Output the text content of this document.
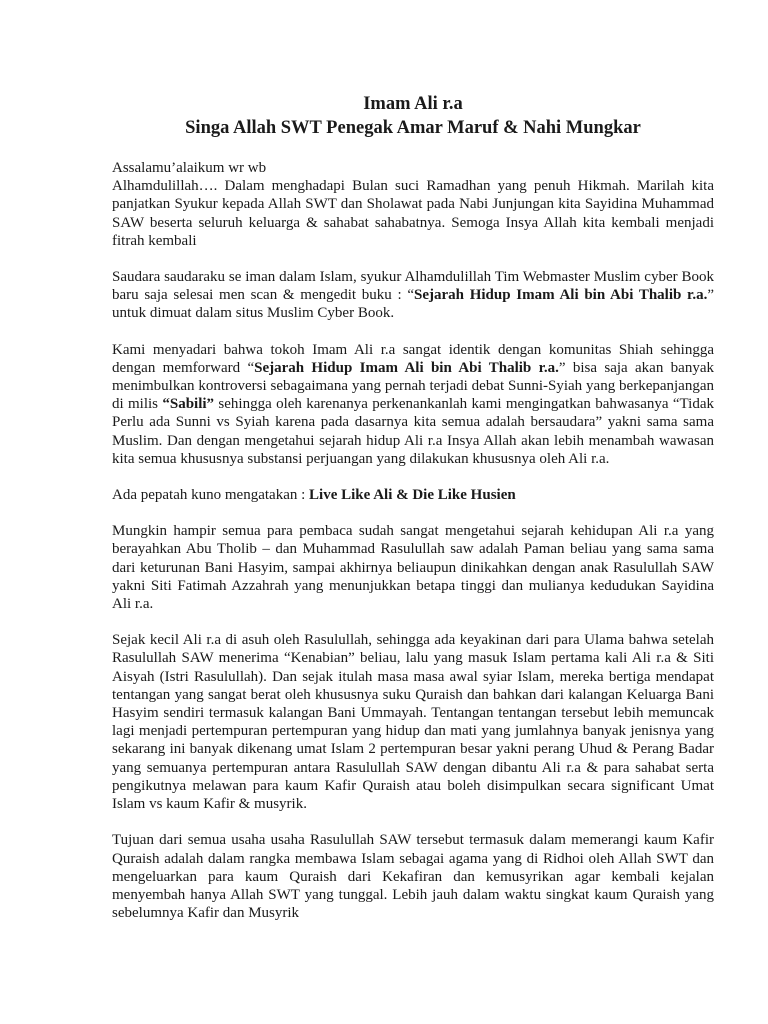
Imam Ali r.a
Singa Allah SWT Penegak Amar Maruf & Nahi Mungkar

Assalamu’alaikum wr wb

Alhamdulillah…. Dalam menghadapi Bulan suci Ramadhan yang penuh Hikmah. Marilah kita panjatkan Syukur kepada Allah SWT dan Sholawat pada Nabi Junjungan kita Sayidina Muhammad SAW beserta seluruh keluarga & sahabat sahabatnya. Semoga Insya Allah kita kembali menjadi fitrah kembali

Saudara saudaraku se iman dalam Islam, syukur Alhamdulillah Tim Webmaster Muslim cyber Book baru saja selesai men scan & mengedit buku : “Sejarah Hidup Imam Ali bin Abi Thalib r.a.” untuk dimuat dalam situs Muslim Cyber Book.

Kami menyadari bahwa tokoh Imam Ali r.a sangat identik dengan komunitas Shiah sehingga dengan memforward “Sejarah Hidup Imam Ali bin Abi Thalib r.a.” bisa saja akan banyak menimbulkan kontroversi sebagaimana yang pernah terjadi debat Sunni-Syiah yang berkepanjangan di milis “Sabili” sehingga oleh karenanya perkenankanlah kami mengingatkan bahwasanya “Tidak Perlu ada Sunni vs Syiah karena pada dasarnya kita semua adalah bersaudara” yakni sama sama Muslim. Dan dengan mengetahui sejarah hidup Ali r.a Insya Allah akan lebih menambah wawasan kita semua khususnya substansi perjuangan yang dilakukan khususnya oleh Ali r.a.

Ada pepatah kuno mengatakan : Live Like Ali & Die Like Husien

Mungkin hampir semua para pembaca sudah sangat mengetahui sejarah kehidupan Ali r.a yang berayahkan Abu Tholib – dan Muhammad Rasulullah saw adalah Paman beliau yang sama sama dari keturunan Bani Hasyim, sampai akhirnya beliaupun dinikahkan dengan anak Rasulullah SAW yakni Siti Fatimah Azzahrah yang menunjukkan betapa tinggi dan mulianya kedudukan Sayidina Ali r.a.

Sejak kecil Ali r.a di asuh oleh Rasulullah, sehingga ada keyakinan dari para Ulama bahwa setelah Rasulullah SAW menerima “Kenabian” beliau, lalu yang masuk Islam pertama kali Ali r.a & Siti Aisyah (Istri Rasulullah). Dan sejak itulah masa masa awal syiar Islam, mereka bertiga mendapat tentangan yang sangat berat oleh khususnya suku Quraish dan bahkan dari kalangan Keluarga Bani Hasyim sendiri termasuk kalangan Bani Ummayah. Tentangan tentangan tersebut lebih memuncak lagi menjadi pertempuran pertempuran yang hidup dan mati yang jumlahnya banyak jenisnya yang sekarang ini banyak dikenang umat Islam 2 pertempuran besar yakni perang Uhud & Perang Badar yang semuanya pertempuran antara Rasulullah SAW dengan dibantu Ali r.a & para sahabat serta pengikutnya melawan para kaum Kafir Quraish atau boleh disimpulkan secara significant Umat Islam vs kaum Kafir & musyrik.

Tujuan dari semua usaha usaha Rasulullah SAW tersebut termasuk dalam memerangi kaum Kafir Quraish adalah dalam rangka membawa Islam sebagai agama yang di Ridhoi oleh Allah SWT dan mengeluarkan para kaum Quraish dari Kekafiran dan kemusyrikan agar kembali kejalan menyembah hanya Allah SWT yang tunggal. Lebih jauh dalam waktu singkat kaum Quraish yang sebelumnya Kafir dan Musyrik
